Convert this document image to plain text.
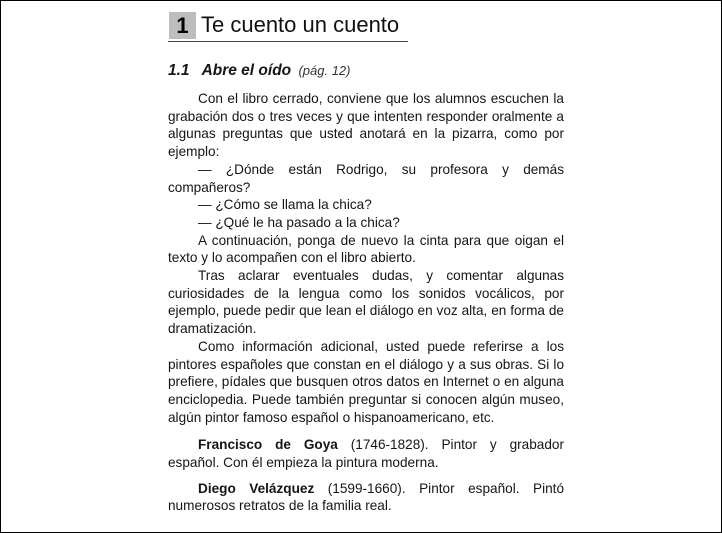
1 Te cuento un cuento
1.1 Abre el oído (pág. 12)

Con el libro cerrado, conviene que los alumnos escuchen la grabación dos o tres veces y que intenten responder oralmente a algunas preguntas que usted anotará en la pizarra, como por ejemplo:

— ¿Dónde están Rodrigo, su profesora y demás compañeros?

— ¿Cómo se llama la chica?

— ¿Qué le ha pasado a la chica?

A continuación, ponga de nuevo la cinta para que oigan el texto y lo acompañen con el libro abierto.

Tras aclarar eventuales dudas, y comentar algunas curiosidades de la lengua como los sonidos vocálicos, por ejemplo, puede pedir que lean el diálogo en voz alta, en forma de dramatización.

Como información adicional, usted puede referirse a los pintores españoles que constan en el diálogo y a sus obras. Si lo prefiere, pídales que busquen otros datos en Internet o en alguna enciclopedia. Puede también preguntar si conocen algún museo, algún pintor famoso español o hispanoamericano, etc.

Francisco de Goya (1746-1828). Pintor y grabador español. Con él empieza la pintura moderna.

Diego Velázquez (1599-1660). Pintor español. Pintó numerosos retratos de la familia real.
